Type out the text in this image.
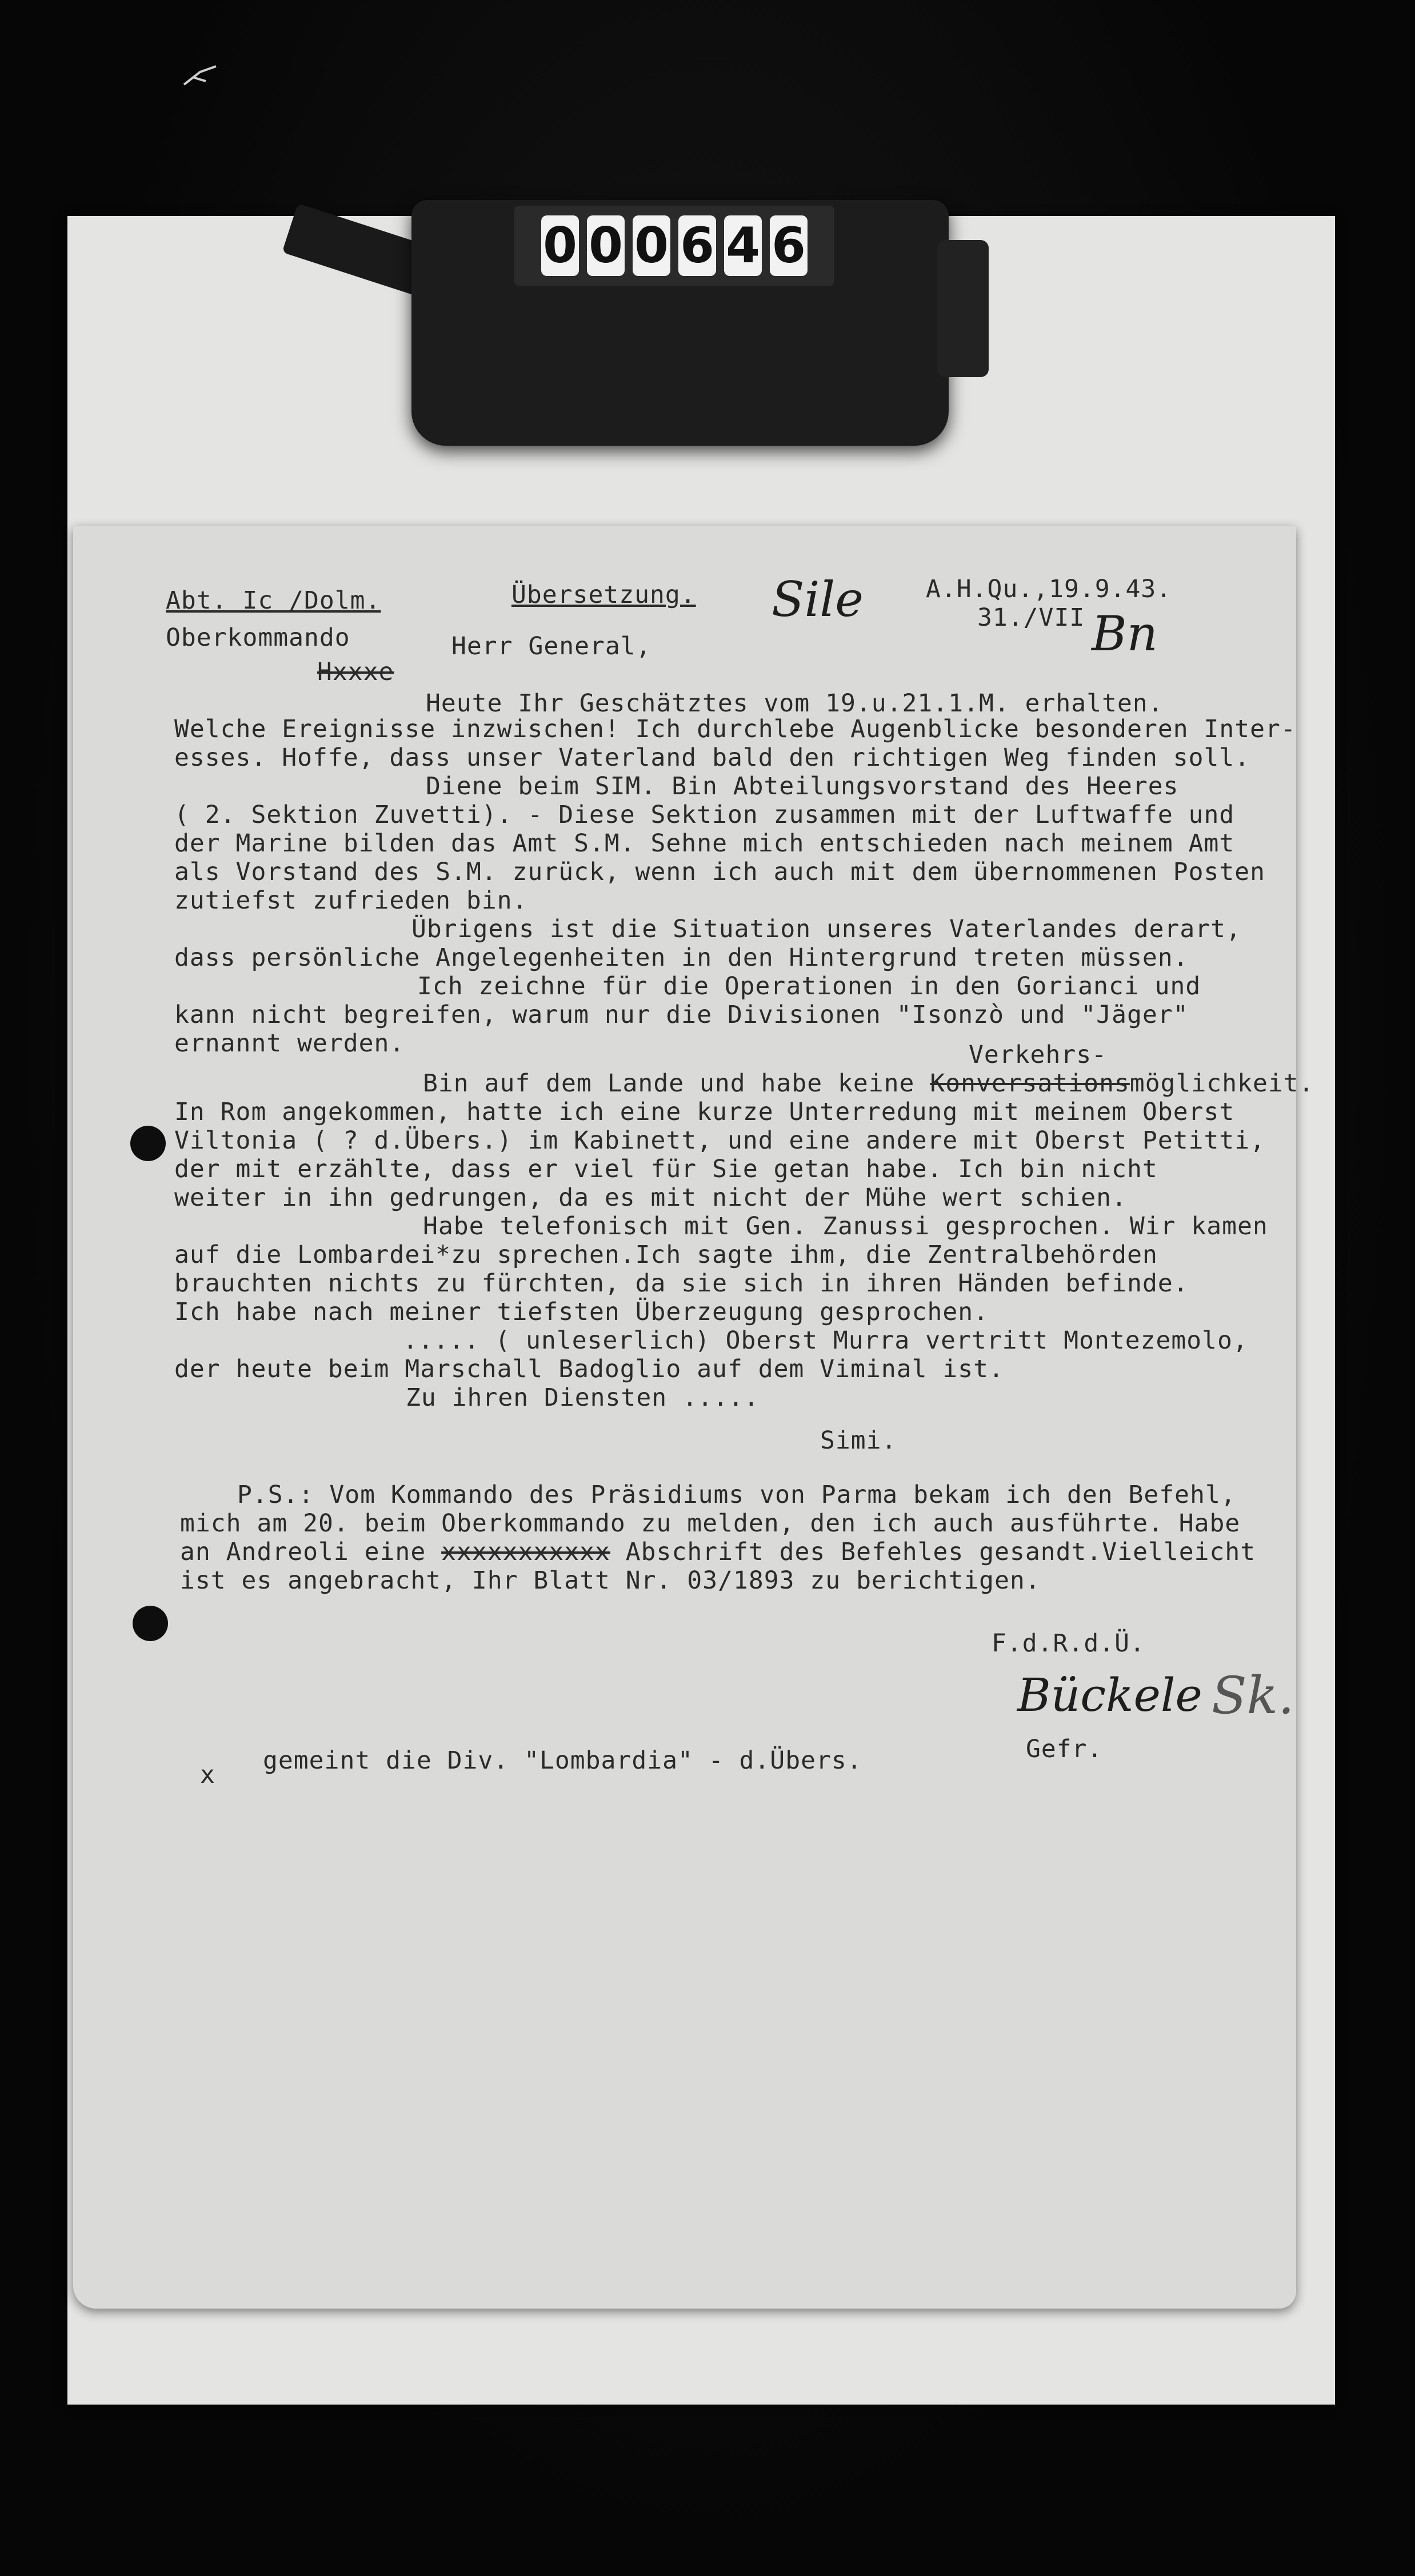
0 0 0 6 4 6
Abt. Ic /Dolm.	Übersetzung. Sile	A.H.Qu.,19.9.43.
31./VII Bn
Oberkommando	Herr General,
Hxxxe
Heute Ihr Geschätztes vom 19.u.21.1.M. erhalten.
Welche Ereignisse inzwischen! Ich durchlebe Augenblicke besonderen Inter-
esses. Hoffe, dass unser Vaterland bald den richtigen Weg finden soll.
Diene beim SIM. Bin Abteilungsvorstand des Heeres
( 2. Sektion Zuvetti). - Diese Sektion zusammen mit der Luftwaffe und
der Marine bilden das Amt S.M. Sehne mich entschieden nach meinem Amt
als Vorstand des S.M. zurück, wenn ich auch mit dem übernommenen Posten
zutiefst zufrieden bin.
Übrigens ist die Situation unseres Vaterlandes derart,
dass persönliche Angelegenheiten in den Hintergrund treten müssen.
Ich zeichne für die Operationen in den Gorianci und
kann nicht begreifen, warum nur die Divisionen "Isonzò und "Jäger"
ernannt werden.	Verkehrs-
Bin auf dem Lande und habe keine Konversationsmöglichkeit.
In Rom angekommen, hatte ich eine kurze Unterredung mit meinem Oberst
Viltonia ( ? d.Übers.) im Kabinett, und eine andere mit Oberst Petitti,
der mit erzählte, dass er viel für Sie getan habe. Ich bin nicht
weiter in ihn gedrungen, da es mit nicht der Mühe wert schien.
Habe telefonisch mit Gen. Zanussi gesprochen. Wir kamen
auf die Lombardei*zu sprechen.Ich sagte ihm, die Zentralbehörden
brauchten nichts zu fürchten, da sie sich in ihren Händen befinde.
Ich habe nach meiner tiefsten Überzeugung gesprochen.
..... ( unleserlich) Oberst Murra vertritt Montezemolo,
der heute beim Marschall Badoglio auf dem Viminal ist.
Zu ihren Diensten .....
Simi.
P.S.: Vom Kommando des Präsidiums von Parma bekam ich den Befehl,
mich am 20. beim Oberkommando zu melden, den ich auch ausführte. Habe
an Andreoli eine xxxxxxxxxxx Abschrift des Befehles gesandt.Vielleicht
ist es angebracht, Ihr Blatt Nr. 03/1893 zu berichtigen.
F.d.R.d.Ü.
Bückele Sk.
Gefr.
x gemeint die Div. "Lombardia" - d.Übers.
